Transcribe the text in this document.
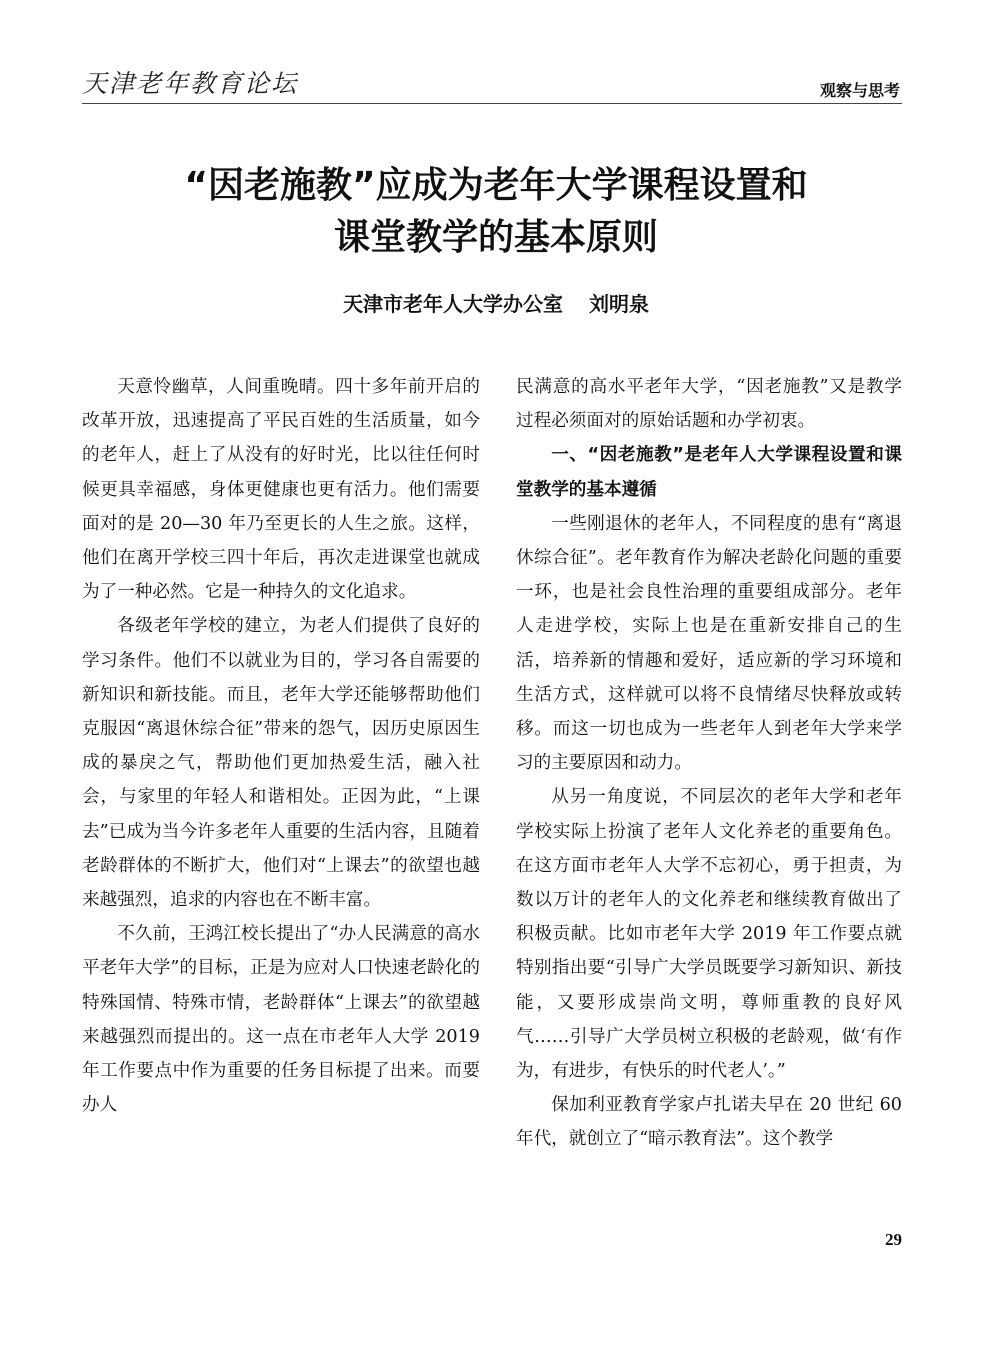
天津老年教育论坛	观察与思考
“因老施教”应成为老年大学课程设置和
课堂教学的基本原则
天津市老年人大学办公室 刘明泉

天意怜幽草，人间重晚晴。四十多年前开启的改革开放，迅速提高了平民百姓的生活质量，如今的老年人，赶上了从没有的好时光，比以往任何时候更具幸福感，身体更健康也更有活力。他们需要面对的是 20—30 年乃至更长的人生之旅。这样，他们在离开学校三四十年后，再次走进课堂也就成为了一种必然。它是一种持久的文化追求。

各级老年学校的建立，为老人们提供了良好的学习条件。他们不以就业为目的，学习各自需要的新知识和新技能。而且，老年大学还能够帮助他们克服因“离退休综合征”带来的怨气，因历史原因生成的暴戾之气，帮助他们更加热爱生活，融入社会，与家里的年轻人和谐相处。正因为此，“上课去”已成为当今许多老年人重要的生活内容，且随着老龄群体的不断扩大，他们对“上课去”的欲望也越来越强烈，追求的内容也在不断丰富。

不久前，王鸿江校长提出了“办人民满意的高水平老年大学”的目标，正是为应对人口快速老龄化的特殊国情、特殊市情，老龄群体“上课去”的欲望越来越强烈而提出的。这一点在市老年人大学 2019 年工作要点中作为重要的任务目标提了出来。而要办人

民满意的高水平老年大学，“因老施教”又是教学过程必须面对的原始话题和办学初衷。

一、“因老施教”是老年人大学课程设置和课堂教学的基本遵循

一些刚退休的老年人，不同程度的患有“离退休综合征”。老年教育作为解决老龄化问题的重要一环，也是社会良性治理的重要组成部分。老年人走进学校，实际上也是在重新安排自己的生活，培养新的情趣和爱好，适应新的学习环境和生活方式，这样就可以将不良情绪尽快释放或转移。而这一切也成为一些老年人到老年大学来学习的主要原因和动力。

从另一角度说，不同层次的老年大学和老年学校实际上扮演了老年人文化养老的重要角色。在这方面市老年人大学不忘初心，勇于担责，为数以万计的老年人的文化养老和继续教育做出了积极贡献。比如市老年大学 2019 年工作要点就特别指出要“引导广大学员既要学习新知识、新技能，又要形成崇尚文明，尊师重教的良好风气……引导广大学员树立积极的老龄观，做‘有作为，有进步，有快乐的时代老人’。”

保加利亚教育学家卢扎诺夫早在 20 世纪 60 年代，就创立了“暗示教育法”。这个教学

29
